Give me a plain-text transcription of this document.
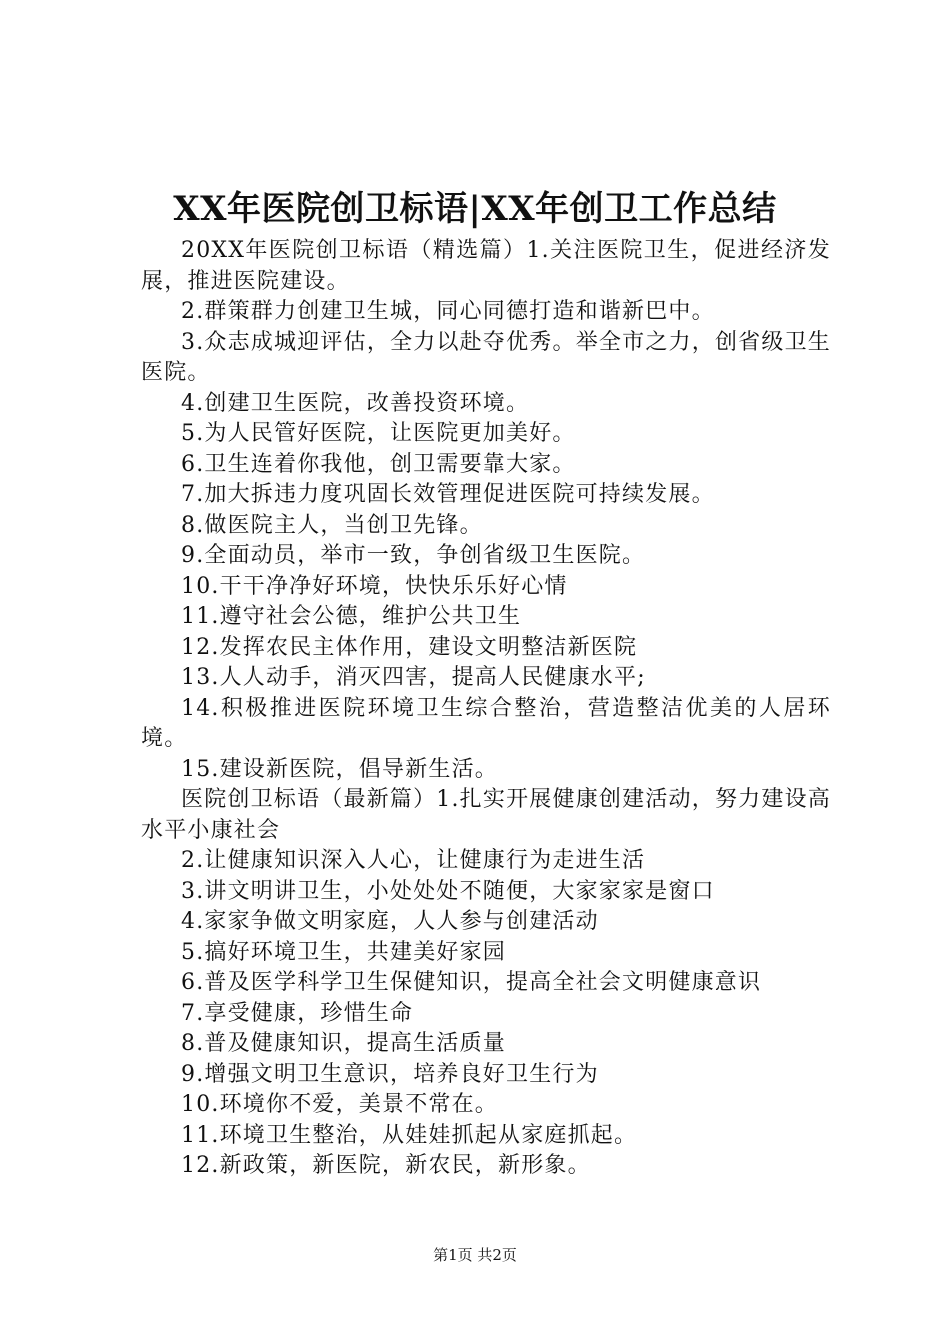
XX年医院创卫标语|XX年创卫工作总结

20XX年医院创卫标语（精选篇）1.关注医院卫生，促进经济发展，推进医院建设。

2.群策群力创建卫生城，同心同德打造和谐新巴中。

3.众志成城迎评估，全力以赴夺优秀。举全市之力，创省级卫生医院。

4.创建卫生医院，改善投资环境。

5.为人民管好医院，让医院更加美好。

6.卫生连着你我他，创卫需要靠大家。

7.加大拆违力度巩固长效管理促进医院可持续发展。

8.做医院主人，当创卫先锋。

9.全面动员，举市一致，争创省级卫生医院。

10.干干净净好环境，快快乐乐好心情

11.遵守社会公德，维护公共卫生

12.发挥农民主体作用，建设文明整洁新医院

13.人人动手，消灭四害，提高人民健康水平;

14.积极推进医院环境卫生综合整治，营造整洁优美的人居环境。

15.建设新医院，倡导新生活。

医院创卫标语（最新篇）1.扎实开展健康创建活动，努力建设高水平小康社会

2.让健康知识深入人心，让健康行为走进生活

3.讲文明讲卫生，小处处处不随便，大家家家是窗口

4.家家争做文明家庭，人人参与创建活动

5.搞好环境卫生，共建美好家园

6.普及医学科学卫生保健知识，提高全社会文明健康意识

7.享受健康，珍惜生命

8.普及健康知识，提高生活质量

9.增强文明卫生意识，培养良好卫生行为

10.环境你不爱，美景不常在。

11.环境卫生整治，从娃娃抓起从家庭抓起。

12.新政策，新医院，新农民，新形象。

第1页 共2页
